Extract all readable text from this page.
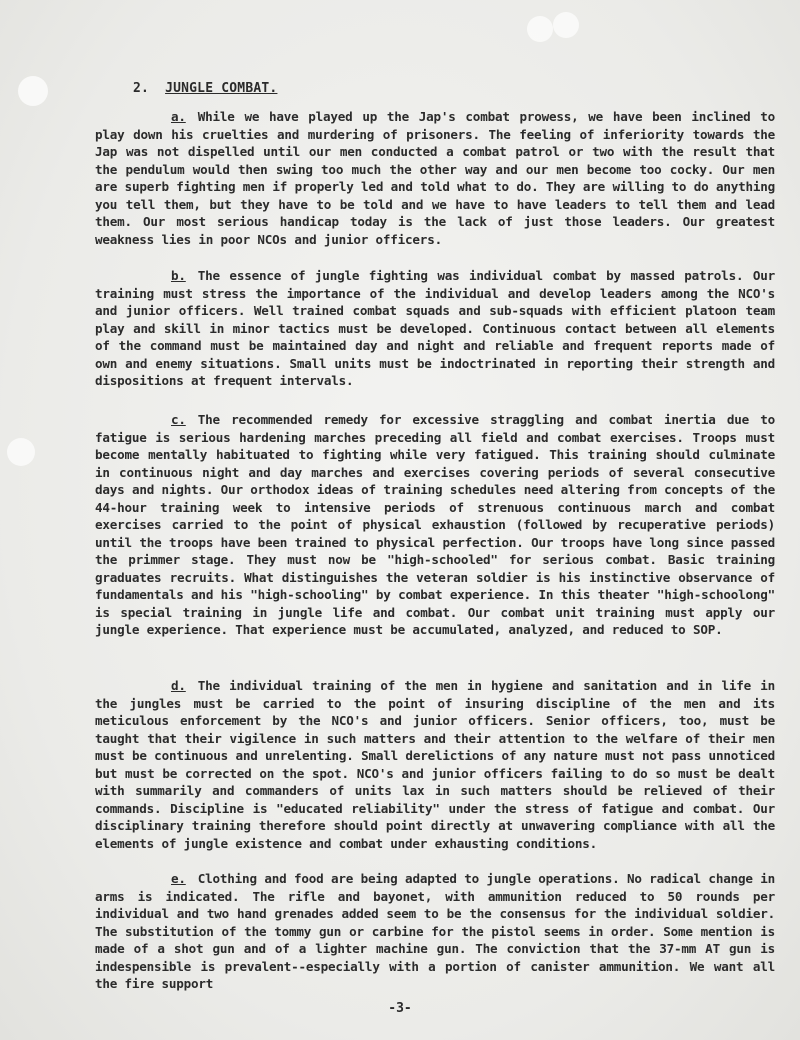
2. JUNGLE COMBAT.

a. While we have played up the Jap's combat prowess, we have been inclined to play down his cruelties and murdering of prisoners. The feeling of inferiority towards the Jap was not dispelled until our men conducted a combat patrol or two with the result that the pendulum would then swing too much the other way and our men become too cocky. Our men are superb fighting men if properly led and told what to do. They are willing to do anything you tell them, but they have to be told and we have to have leaders to tell them and lead them. Our most serious handicap today is the lack of just those leaders. Our greatest weakness lies in poor NCOs and junior officers.

b. The essence of jungle fighting was individual combat by massed patrols. Our training must stress the importance of the individual and develop leaders among the NCO's and junior officers. Well trained combat squads and sub-squads with efficient platoon team play and skill in minor tactics must be developed. Continuous contact between all elements of the command must be maintained day and night and reliable and frequent reports made of own and enemy situations. Small units must be indoctrinated in reporting their strength and dispositions at frequent intervals.

c. The recommended remedy for excessive straggling and combat inertia due to fatigue is serious hardening marches preceding all field and combat exercises. Troops must become mentally habituated to fighting while very fatigued. This training should culminate in continuous night and day marches and exercises covering periods of several consecutive days and nights. Our orthodox ideas of training schedules need altering from concepts of the 44-hour training week to intensive periods of strenuous continuous march and combat exercises carried to the point of physical exhaustion (followed by recuperative periods) until the troops have been trained to physical perfection. Our troops have long since passed the primmer stage. They must now be "high-schooled" for serious combat. Basic training graduates recruits. What distinguishes the veteran soldier is his instinctive observance of fundamentals and his "high-schooling" by combat experience. In this theater "high-schoolong" is special training in jungle life and combat. Our combat unit training must apply our jungle experience. That experience must be accumulated, analyzed, and reduced to SOP.

d. The individual training of the men in hygiene and sanitation and in life in the jungles must be carried to the point of insuring discipline of the men and its meticulous enforcement by the NCO's and junior officers. Senior officers, too, must be taught that their vigilence in such matters and their attention to the welfare of their men must be continuous and unrelenting. Small derelictions of any nature must not pass unnoticed but must be corrected on the spot. NCO's and junior officers failing to do so must be dealt with summarily and commanders of units lax in such matters should be relieved of their commands. Discipline is "educated reliability" under the stress of fatigue and combat. Our disciplinary training therefore should point directly at unwavering compliance with all the elements of jungle existence and combat under exhausting conditions.

e. Clothing and food are being adapted to jungle operations. No radical change in arms is indicated. The rifle and bayonet, with ammunition reduced to 50 rounds per individual and two hand grenades added seem to be the consensus for the individual soldier. The substitution of the tommy gun or carbine for the pistol seems in order. Some mention is made of a shot gun and of a lighter machine gun. The conviction that the 37-mm AT gun is indespensible is prevalent--especially with a portion of canister ammunition. We want all the fire support

-3-
